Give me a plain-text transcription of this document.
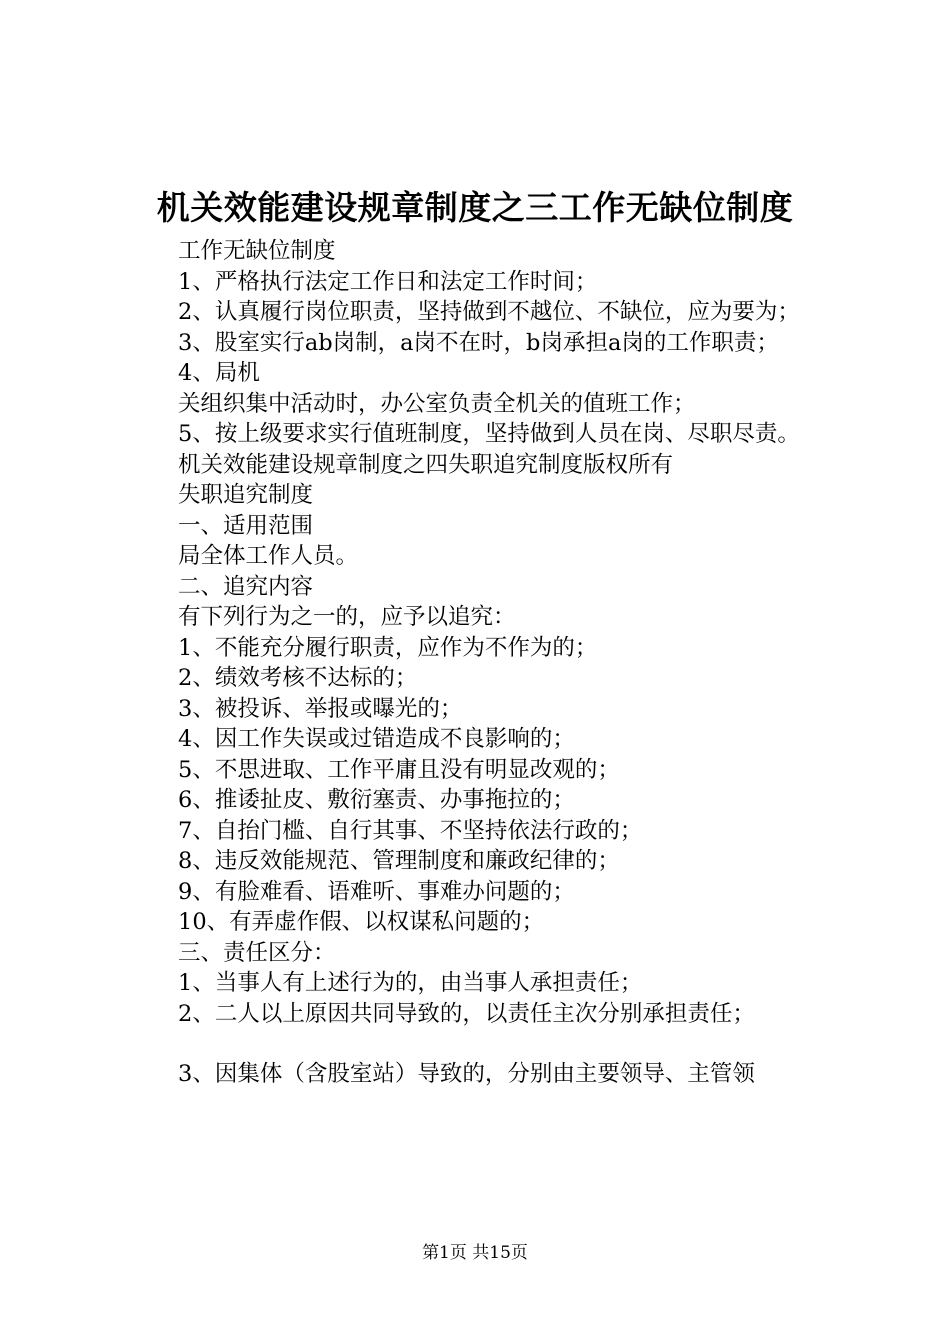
机关效能建设规章制度之三工作无缺位制度

工作无缺位制度

1、严格执行法定工作日和法定工作时间；

2、认真履行岗位职责，坚持做到不越位、不缺位，应为要为；

3、股室实行ab岗制，a岗不在时，b岗承担a岗的工作职责；

4、局机

关组织集中活动时，办公室负责全机关的值班工作；

5、按上级要求实行值班制度，坚持做到人员在岗、尽职尽责。

机关效能建设规章制度之四失职追究制度版权所有

失职追究制度

一、适用范围

局全体工作人员。

二、追究内容

有下列行为之一的，应予以追究：

1、不能充分履行职责，应作为不作为的；

2、绩效考核不达标的；

3、被投诉、举报或曝光的；

4、因工作失误或过错造成不良影响的；

5、不思进取、工作平庸且没有明显改观的；

6、推诿扯皮、敷衍塞责、办事拖拉的；

7、自抬门槛、自行其事、不坚持依法行政的；

8、违反效能规范、管理制度和廉政纪律的；

9、有脸难看、语难听、事难办问题的；

10、有弄虚作假、以权谋私问题的；

三、责任区分：

1、当事人有上述行为的，由当事人承担责任；

2、二人以上原因共同导致的，以责任主次分别承担责任；

3、因集体（含股室站）导致的，分别由主要领导、主管领

第1页 共15页
